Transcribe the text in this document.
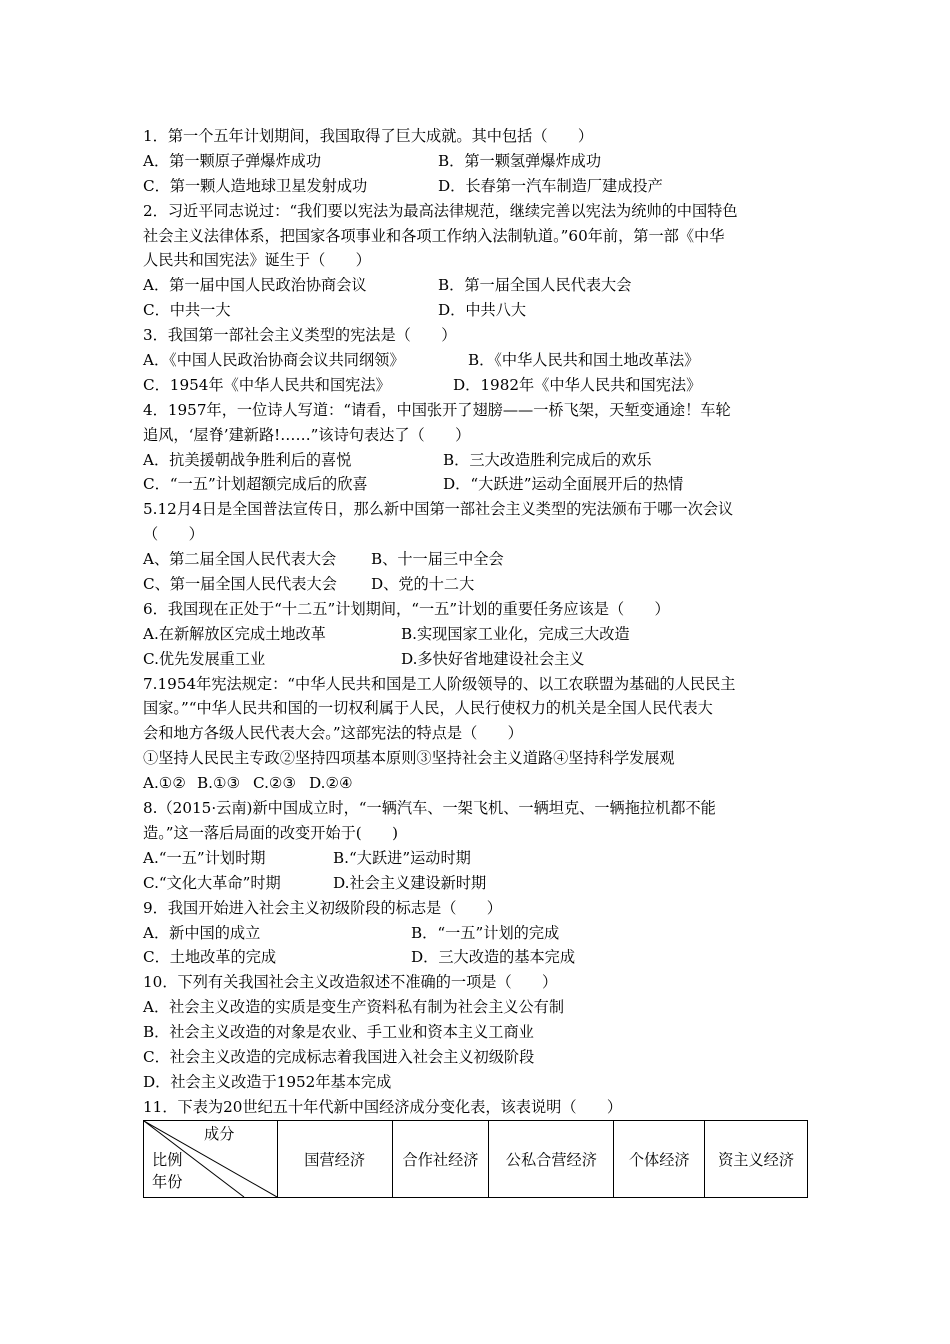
1．第一个五年计划期间，我国取得了巨大成就。其中包括（　　）
A．第一颗原子弹爆炸成功	B．第一颗氢弹爆炸成功
C．第一颗人造地球卫星发射成功	D．长春第一汽车制造厂建成投产
2．习近平同志说过：“我们要以宪法为最高法律规范，继续完善以宪法为统帅的中国特色
社会主义法律体系，把国家各项事业和各项工作纳入法制轨道。”60年前，第一部《中华
人民共和国宪法》诞生于（　　）
A．第一届中国人民政治协商会议	B．第一届全国人民代表大会
C．中共一大	D．中共八大
3．我国第一部社会主义类型的宪法是（　　）
A．《中国人民政治协商会议共同纲领》	B．《中华人民共和国土地改革法》
C．1954年《中华人民共和国宪法》	D．1982年《中华人民共和国宪法》
4．1957年，一位诗人写道：“请看，中国张开了翅膀——一桥飞架，天堑变通途！车轮
追风，‘屋脊’建新路!……”该诗句表达了（　　）
A．抗美援朝战争胜利后的喜悦	B．三大改造胜利完成后的欢乐
C．“一五”计划超额完成后的欣喜	D．“大跃进”运动全面展开后的热情
5.12月4日是全国普法宣传日，那么新中国第一部社会主义类型的宪法颁布于哪一次会议
（　　）
A、第二届全国人民代表大会 B、十一届三中全会
C、第一届全国人民代表大会 D、党的十二大
6．我国现在正处于“十二五”计划期间，“一五”计划的重要任务应该是（　　）
A.在新解放区完成土地改革	B.实现国家工业化，完成三大改造
C.优先发展重工业	D.多快好省地建设社会主义
7.1954年宪法规定：“中华人民共和国是工人阶级领导的、以工农联盟为基础的人民民主
国家。”“中华人民共和国的一切权利属于人民，人民行使权力的机关是全国人民代表大
会和地方各级人民代表大会。”这部宪法的特点是（　　）
①坚持人民民主专政②坚持四项基本原则③坚持社会主义道路④坚持科学发展观
A.①② B.①③ C.②③ D.②④
8.（2015·云南)新中国成立时，“一辆汽车、一架飞机、一辆坦克、一辆拖拉机都不能
造。”这一落后局面的改变开始于(　　)
A.“一五”计划时期	B.“大跃进”运动时期
C.“文化大革命”时期	D.社会主义建设新时期
9．我国开始进入社会主义初级阶段的标志是（　　）
A．新中国的成立	B．“一五”计划的完成
C．土地改革的完成	D．三大改造的基本完成
10．下列有关我国社会主义改造叙述不准确的一项是（　　）
A．社会主义改造的实质是变生产资料私有制为社会主义公有制
B．社会主义改造的对象是农业、手工业和资本主义工商业
C．社会主义改造的完成标志着我国进入社会主义初级阶段
D．社会主义改造于1952年基本完成
11．下表为20世纪五十年代新中国经济成分变化表，该表说明（　　）
成分
比例
年份
	国营经济	合作社经济	公私合营经济	个体经济	资主义经济
